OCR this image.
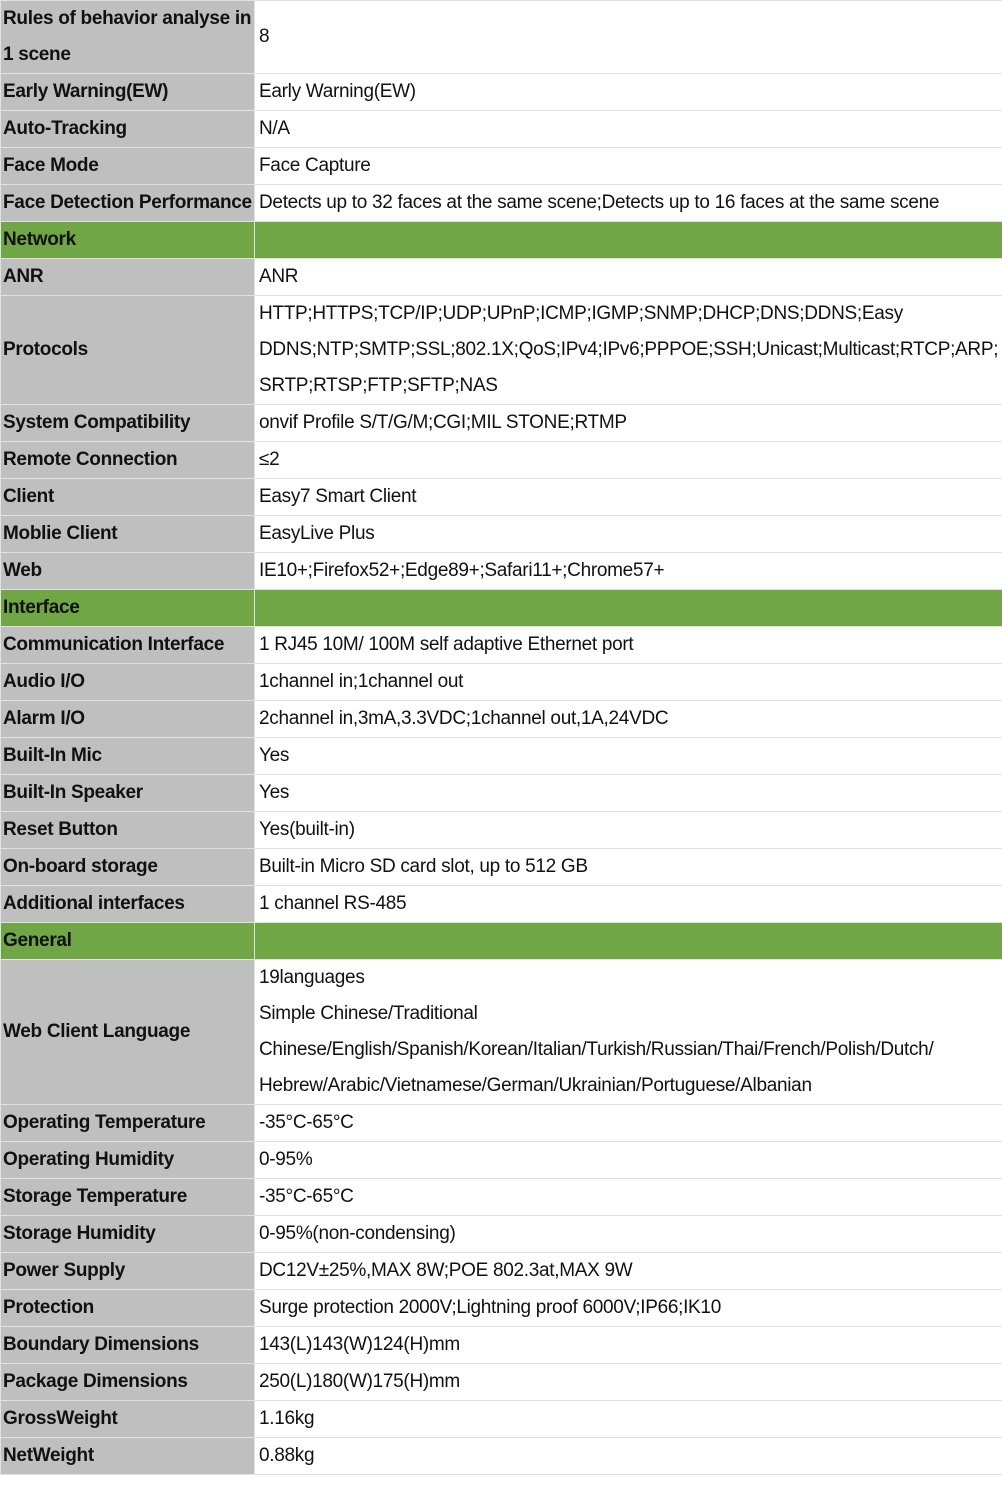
Rules of behavior analyse in 1 scene	8

Early Warning(EW)	Early Warning(EW)

Auto-Tracking	N/A

Face Mode	Face Capture

Face Detection Performance	Detects up to 32 faces at the same scene;Detects up to 16 faces at the same scene

Network	
ANR	ANR

Protocols	HTTP;HTTPS;TCP/IP;UDP;UPnP;ICMP;IGMP;SNMP;DHCP;DNS;DDNS;Easy
DDNS;NTP;SMTP;SSL;802.1X;QoS;IPv4;IPv6;PPPOE;SSH;Unicast;Multicast;RTCP;ARP;
SRTP;RTSP;FTP;SFTP;NAS

System Compatibility	onvif Profile S/T/G/M;CGI;MIL STONE;RTMP

Remote Connection	≤2

Client	Easy7 Smart Client

Moblie Client	EasyLive Plus

Web	IE10+;Firefox52+;Edge89+;Safari11+;Chrome57+

Interface	
Communication Interface	1 RJ45 10M/ 100M self adaptive Ethernet port

Audio I/O	1channel in;1channel out

Alarm I/O	2channel in,3mA,3.3VDC;1channel out,1A,24VDC

Built-In Mic	Yes

Built-In Speaker	Yes

Reset Button	Yes(built-in)

On-board storage	Built-in Micro SD card slot, up to 512 GB

Additional interfaces	1 channel RS-485

General	
Web Client Language	19languages
Simple Chinese/Traditional
Chinese/English/Spanish/Korean/Italian/Turkish/Russian/Thai/French/Polish/Dutch/
Hebrew/Arabic/Vietnamese/German/Ukrainian/Portuguese/Albanian

Operating Temperature	-35°C-65°C

Operating Humidity	0-95%

Storage Temperature	-35°C-65°C

Storage Humidity	0-95%(non-condensing)

Power Supply	DC12V±25%,MAX 8W;POE 802.3at,MAX 9W

Protection	Surge protection 2000V;Lightning proof 6000V;IP66;IK10

Boundary Dimensions	143(L)143(W)124(H)mm

Package Dimensions	250(L)180(W)175(H)mm

GrossWeight	1.16kg

NetWeight	0.88kg
